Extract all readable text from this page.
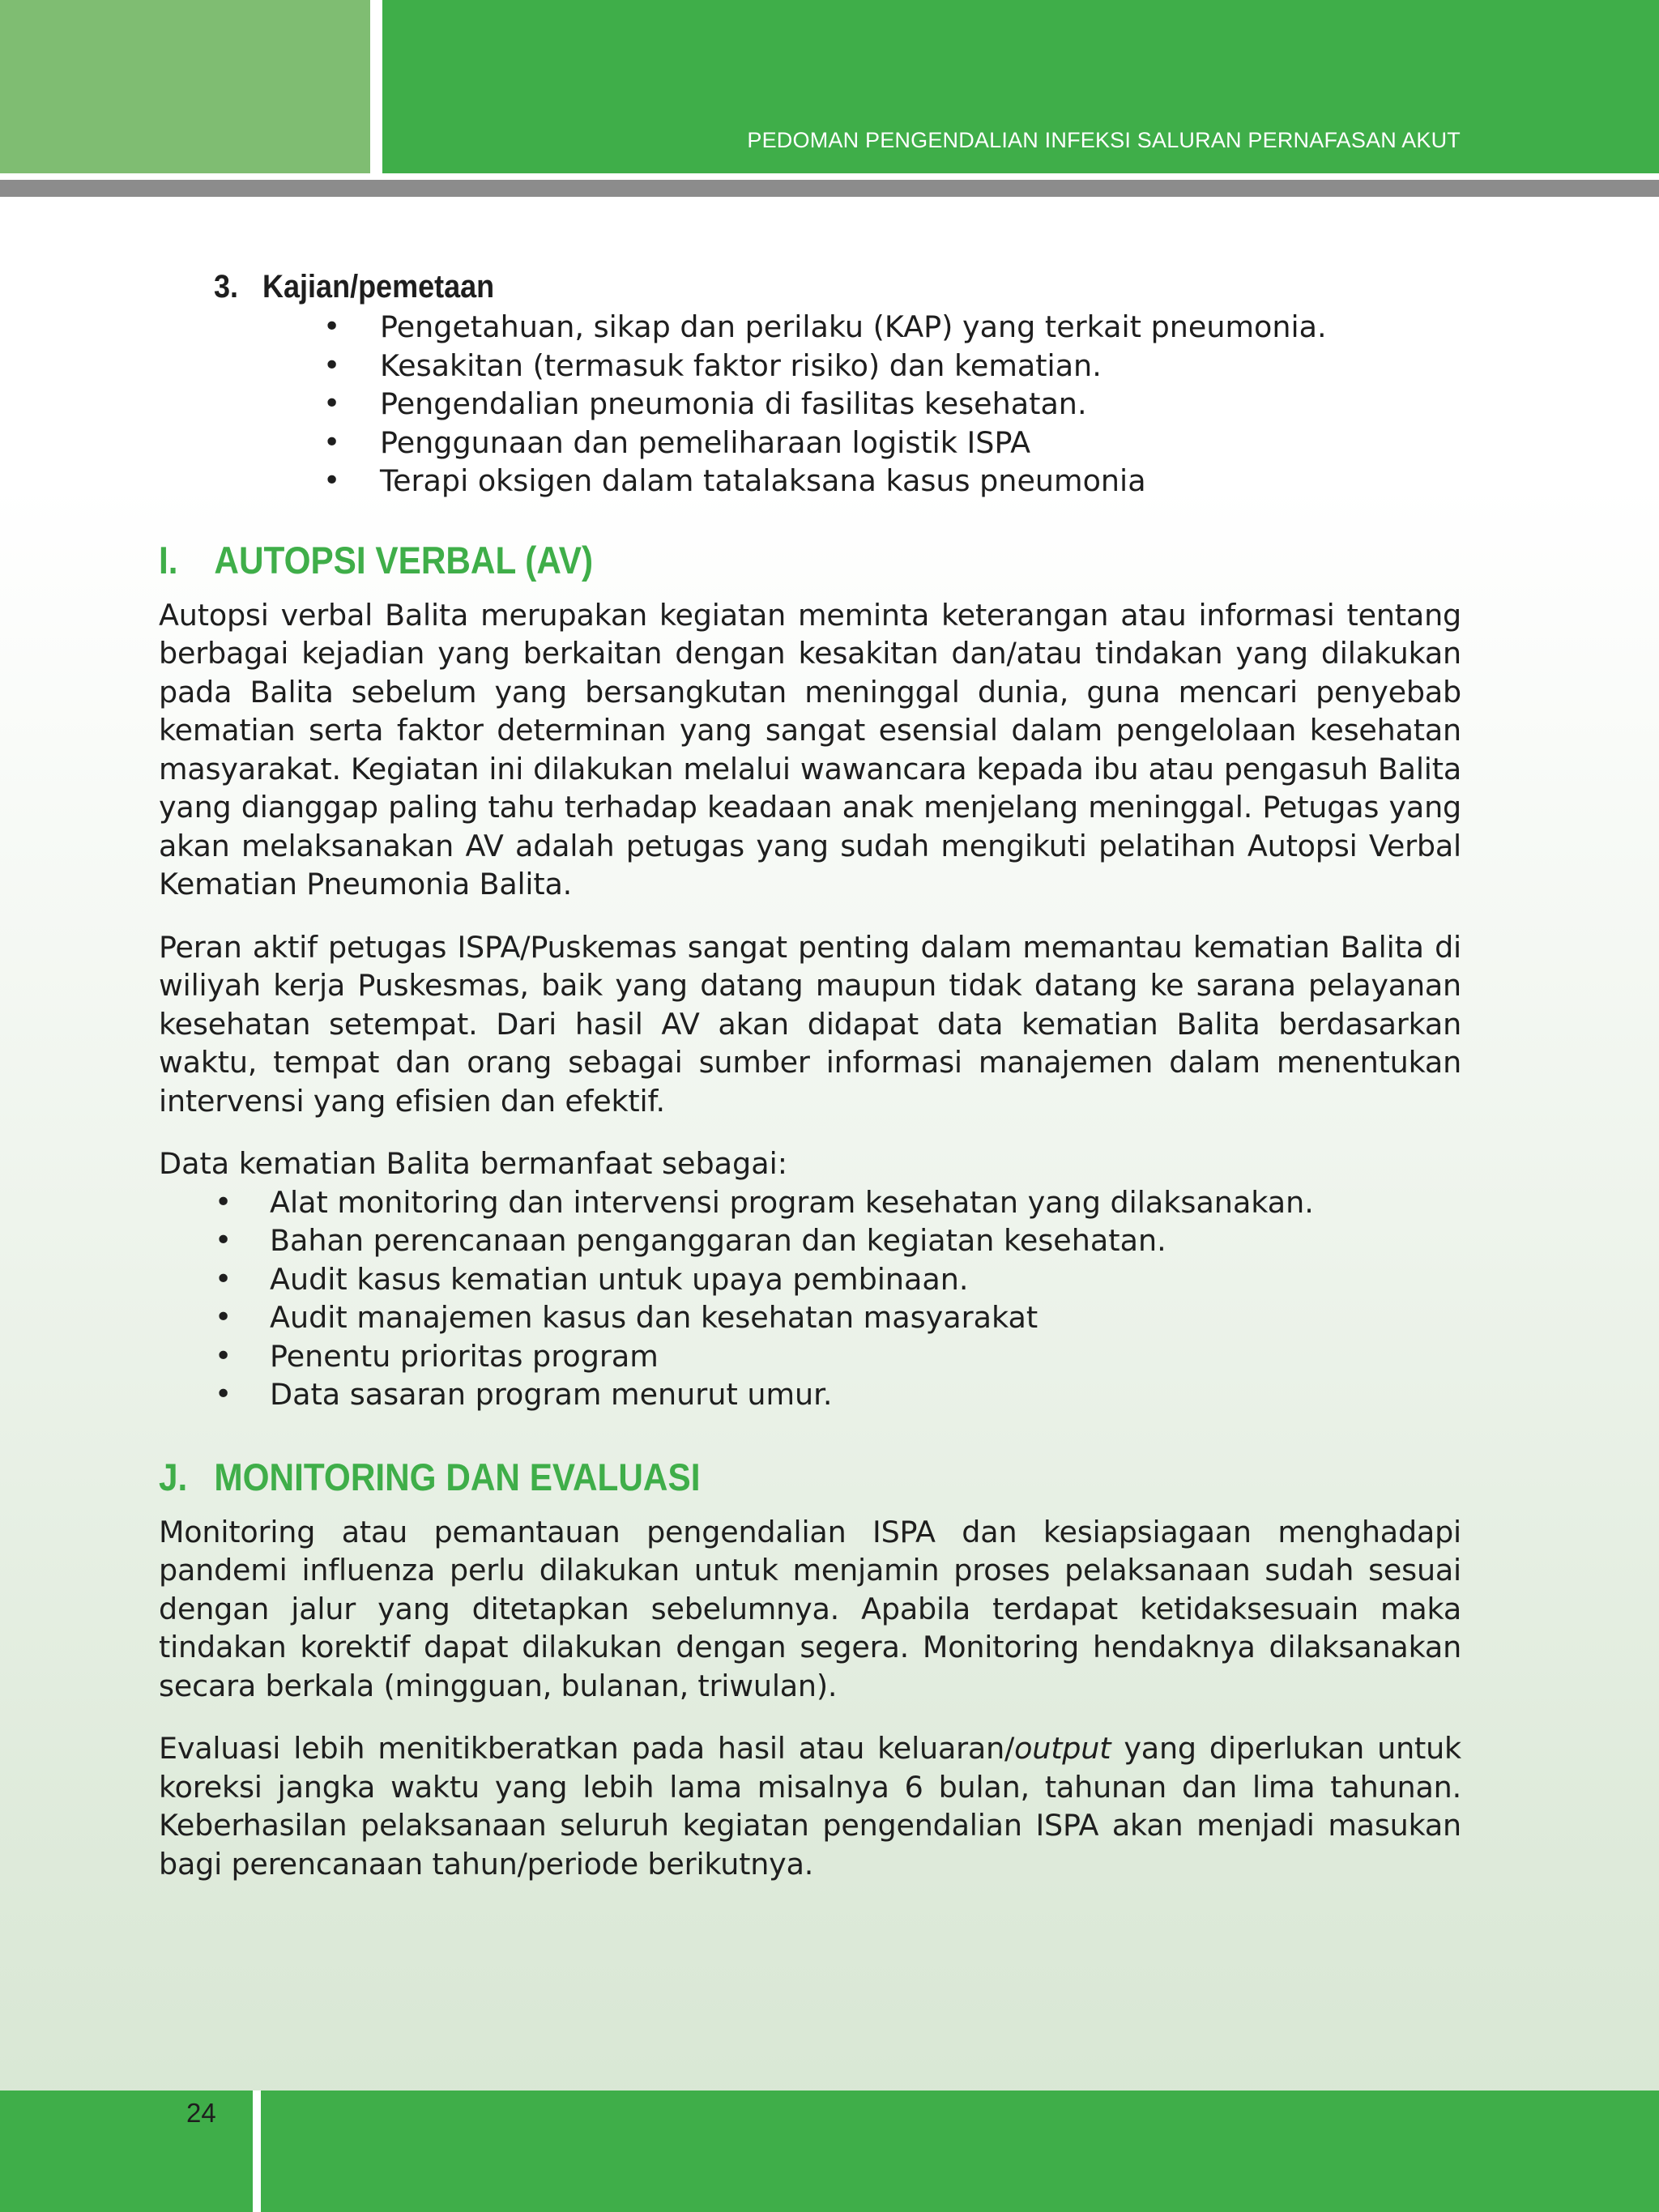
PEDOMAN PENGENDALIAN INFEKSI SALURAN PERNAFASAN AKUT
3.   Kajian/pemetaan
• Pengetahuan, sikap dan perilaku (KAP) yang terkait pneumonia.
• Kesakitan (termasuk faktor risiko) dan kematian.
• Pengendalian pneumonia di fasilitas kesehatan.
• Penggunaan dan pemeliharaan logistik ISPA
• Terapi oksigen dalam tatalaksana kasus pneumonia
I. AUTOPSI VERBAL (AV)

Autopsi verbal Balita merupakan kegiatan meminta keterangan atau informasi tentang berbagai kejadian yang berkaitan dengan kesakitan dan/atau tindakan yang dilakukan pada Balita sebelum yang bersangkutan meninggal dunia, guna mencari penyebab kematian serta faktor determinan yang sangat esensial dalam pengelolaan kesehatan masyarakat. Kegiatan ini dilakukan melalui wawancara kepada ibu atau pengasuh Balita yang dianggap paling tahu terhadap keadaan anak menjelang meninggal. Petugas yang akan melaksanakan AV adalah petugas yang sudah mengikuti pelatihan Autopsi Verbal Kematian Pneumonia Balita.

Peran aktif petugas ISPA/Puskemas sangat penting dalam memantau kematian Balita di wiliyah kerja Puskesmas, baik yang datang maupun tidak datang ke sarana pelayanan kesehatan setempat. Dari hasil AV akan didapat data kematian Balita berdasarkan waktu, tempat dan orang sebagai sumber informasi manajemen dalam menentukan intervensi yang efisien dan efektif.

Data kematian Balita bermanfaat sebagai:

• Alat monitoring dan intervensi program kesehatan yang dilaksanakan.
• Bahan perencanaan penganggaran dan kegiatan kesehatan.
• Audit kasus kematian untuk upaya pembinaan.
• Audit manajemen kasus dan kesehatan masyarakat
• Penentu prioritas program
• Data sasaran program menurut umur.
J. MONITORING DAN EVALUASI

Monitoring atau pemantauan pengendalian ISPA dan kesiapsiagaan menghadapi pandemi influenza perlu dilakukan untuk menjamin proses pelaksanaan sudah sesuai dengan jalur yang ditetapkan sebelumnya. Apabila terdapat ketidaksesuain maka tindakan korektif dapat dilakukan dengan segera. Monitoring hendaknya dilaksanakan secara berkala (mingguan, bulanan, triwulan).

Evaluasi lebih menitikberatkan pada hasil atau keluaran/output yang diperlukan untuk koreksi jangka waktu yang lebih lama misalnya 6 bulan, tahunan dan lima tahunan. Keberhasilan pelaksanaan seluruh kegiatan pengendalian ISPA akan menjadi masukan bagi perencanaan tahun/periode berikutnya.

24
